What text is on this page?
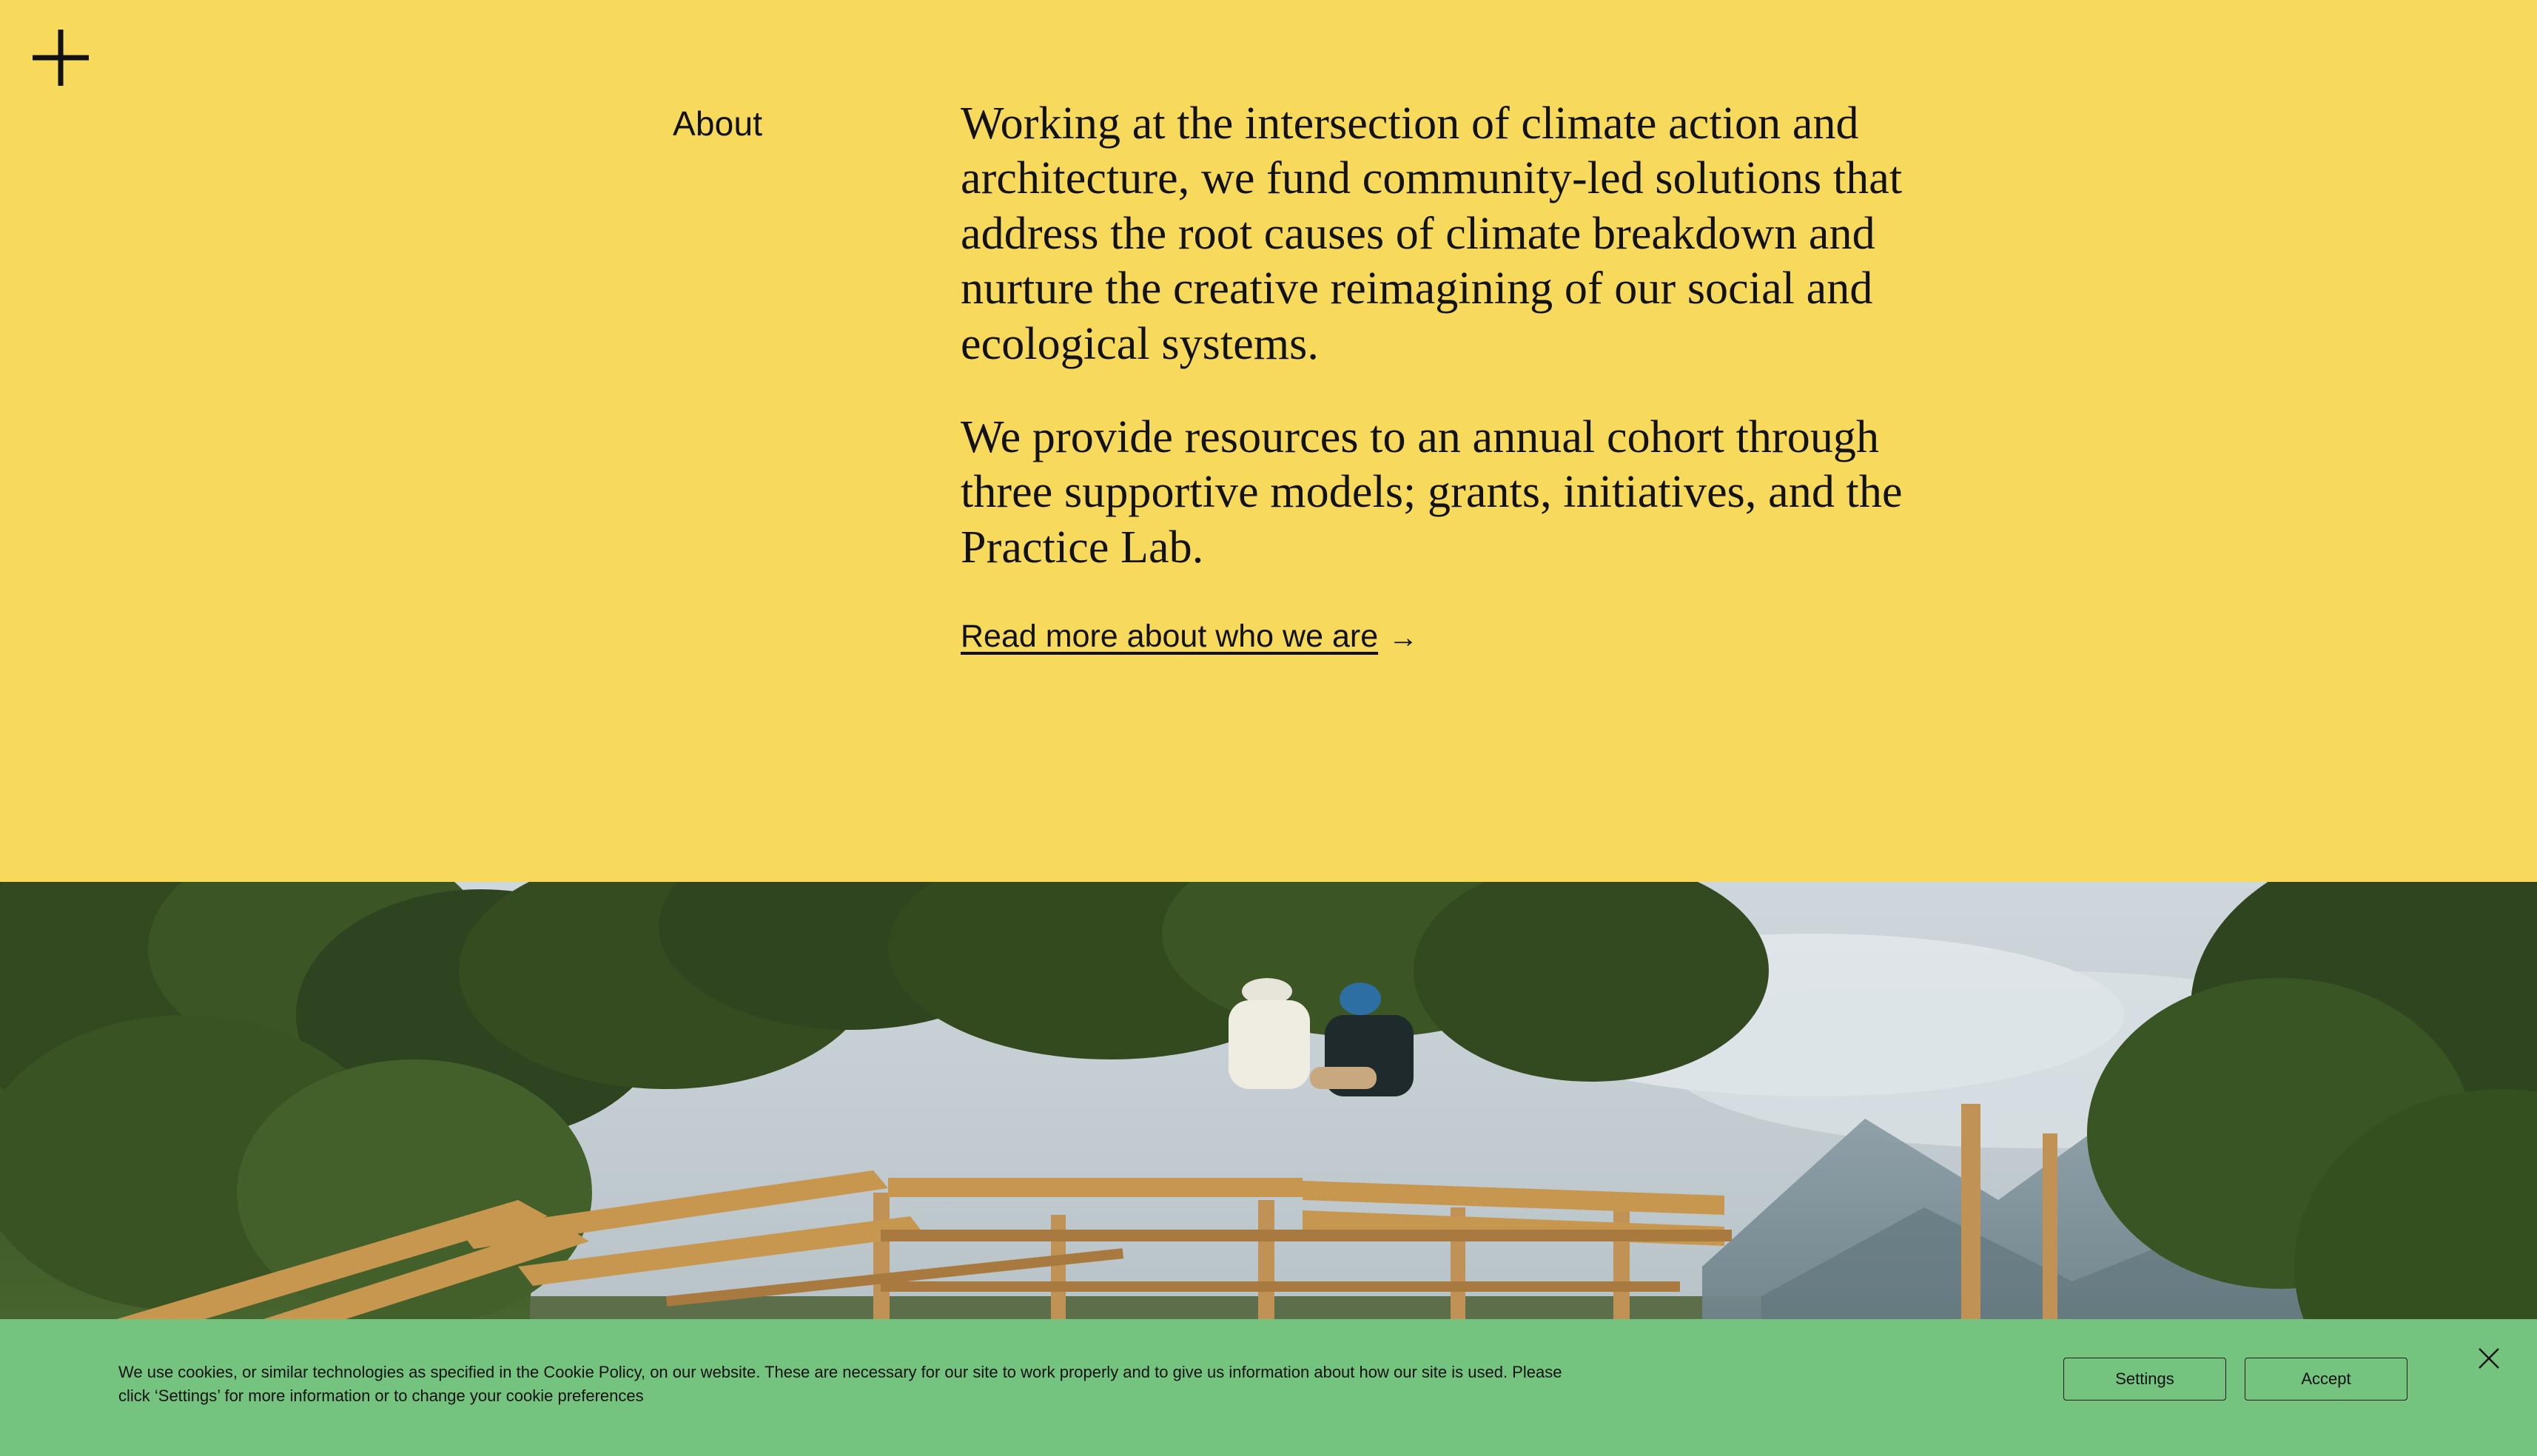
About	Working at the intersection of climate action and architecture, we fund community-led solutions that address the root causes of climate breakdown and nurture the creative reimagining of our social and ecological systems.

We provide resources to an annual cohort through three supportive models; grants, initiatives, and the Practice Lab.

Read more about who we are →
We use cookies, or similar technologies as specified in the Cookie Policy, on our website. These are necessary for our site to work properly and to give us information about how our site is used. Please click ‘Settings’ for more information or to change your cookie preferences
Settings	Accept
